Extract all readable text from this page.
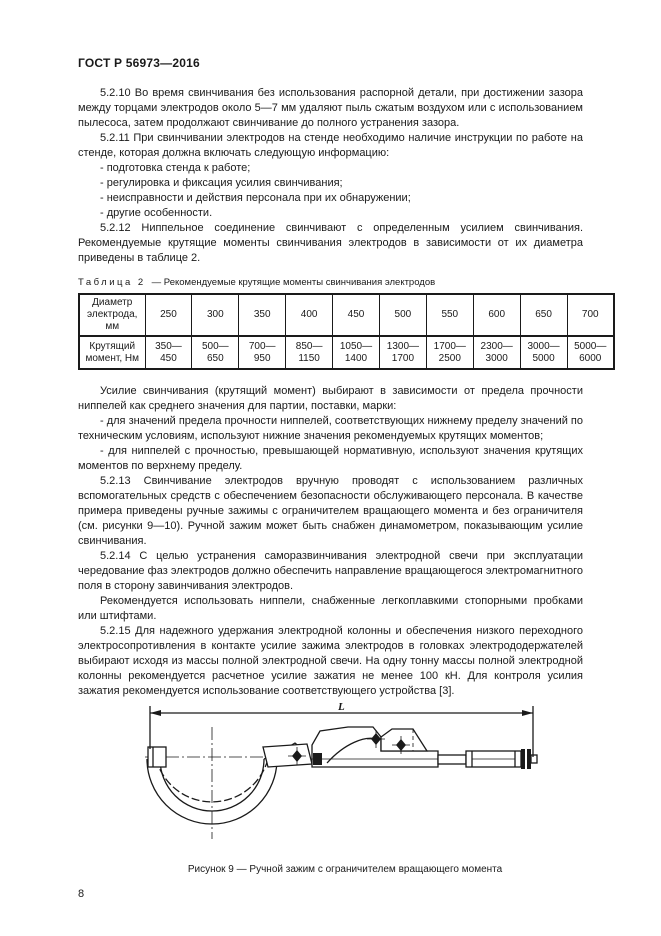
ГОСТ Р 56973—2016

5.2.10 Во время свинчивания без использования распорной детали, при достижении зазора между торцами электродов около 5—7 мм удаляют пыль сжатым воздухом или с использованием пылесоса, затем продолжают свинчивание до полного устранения зазора.

5.2.11 При свинчивании электродов на стенде необходимо наличие инструкции по работе на стенде, которая должна включать следующую информацию:

- подготовка стенда к работе;

- регулировка и фиксация усилия свинчивания;

- неисправности и действия персонала при их обнаружении;

- другие особенности.

5.2.12 Ниппельное соединение свинчивают с определенным усилием свинчивания. Рекомендуемые крутящие моменты свинчивания электродов в зависимости от их диаметра приведены в таблице 2.

Таблица 2 — Рекомендуемые крутящие моменты свинчивания электродов

Диаметр
электрода, мм	250	300	350	400	450	500	550	600	650	700

Крутящий
момент, Нм	350—
450	500—
650	700—
950	850—
1150	1050—
1400	1300—
1700	1700—
2500	2300—
3000	3000—
5000	5000—
6000

Усилие свинчивания (крутящий момент) выбирают в зависимости от предела прочности ниппелей как среднего значения для партии, поставки, марки:

- для значений предела прочности ниппелей, соответствующих нижнему пределу значений по техническим условиям, используют нижние значения рекомендуемых крутящих моментов;

- для ниппелей с прочностью, превышающей нормативную, используют значения крутящих моментов по верхнему пределу.

5.2.13 Свинчивание электродов вручную проводят с использованием различных вспомогательных средств с обеспечением безопасности обслуживающего персонала. В качестве примера приведены ручные зажимы с ограничителем вращающего момента и без ограничителя (см. рисунки 9—10). Ручной зажим может быть снабжен динамометром, показывающим усилие свинчивания.

5.2.14 С целью устранения саморазвинчивания электродной свечи при эксплуатации чередование фаз электродов должно обеспечить направление вращающегося электромагнитного поля в сторону завинчивания электродов.

Рекомендуется использовать ниппели, снабженные легкоплавкими стопорными пробками или штифтами.

5.2.15 Для надежного удержания электродной колонны и обеспечения низкого переходного электросопротивления в контакте усилие зажима электродов в головках электрододержателей выбирают исходя из массы полной электродной свечи. На одну тонну массы полной электродной колонны рекомендуется расчетное усилие зажатия не менее 100 кН. Для контроля усилия зажатия рекомендуется использование соответствующего устройства [3].

L
Рисунок 9 — Ручной зажим с ограничителем вращающего момента
8
